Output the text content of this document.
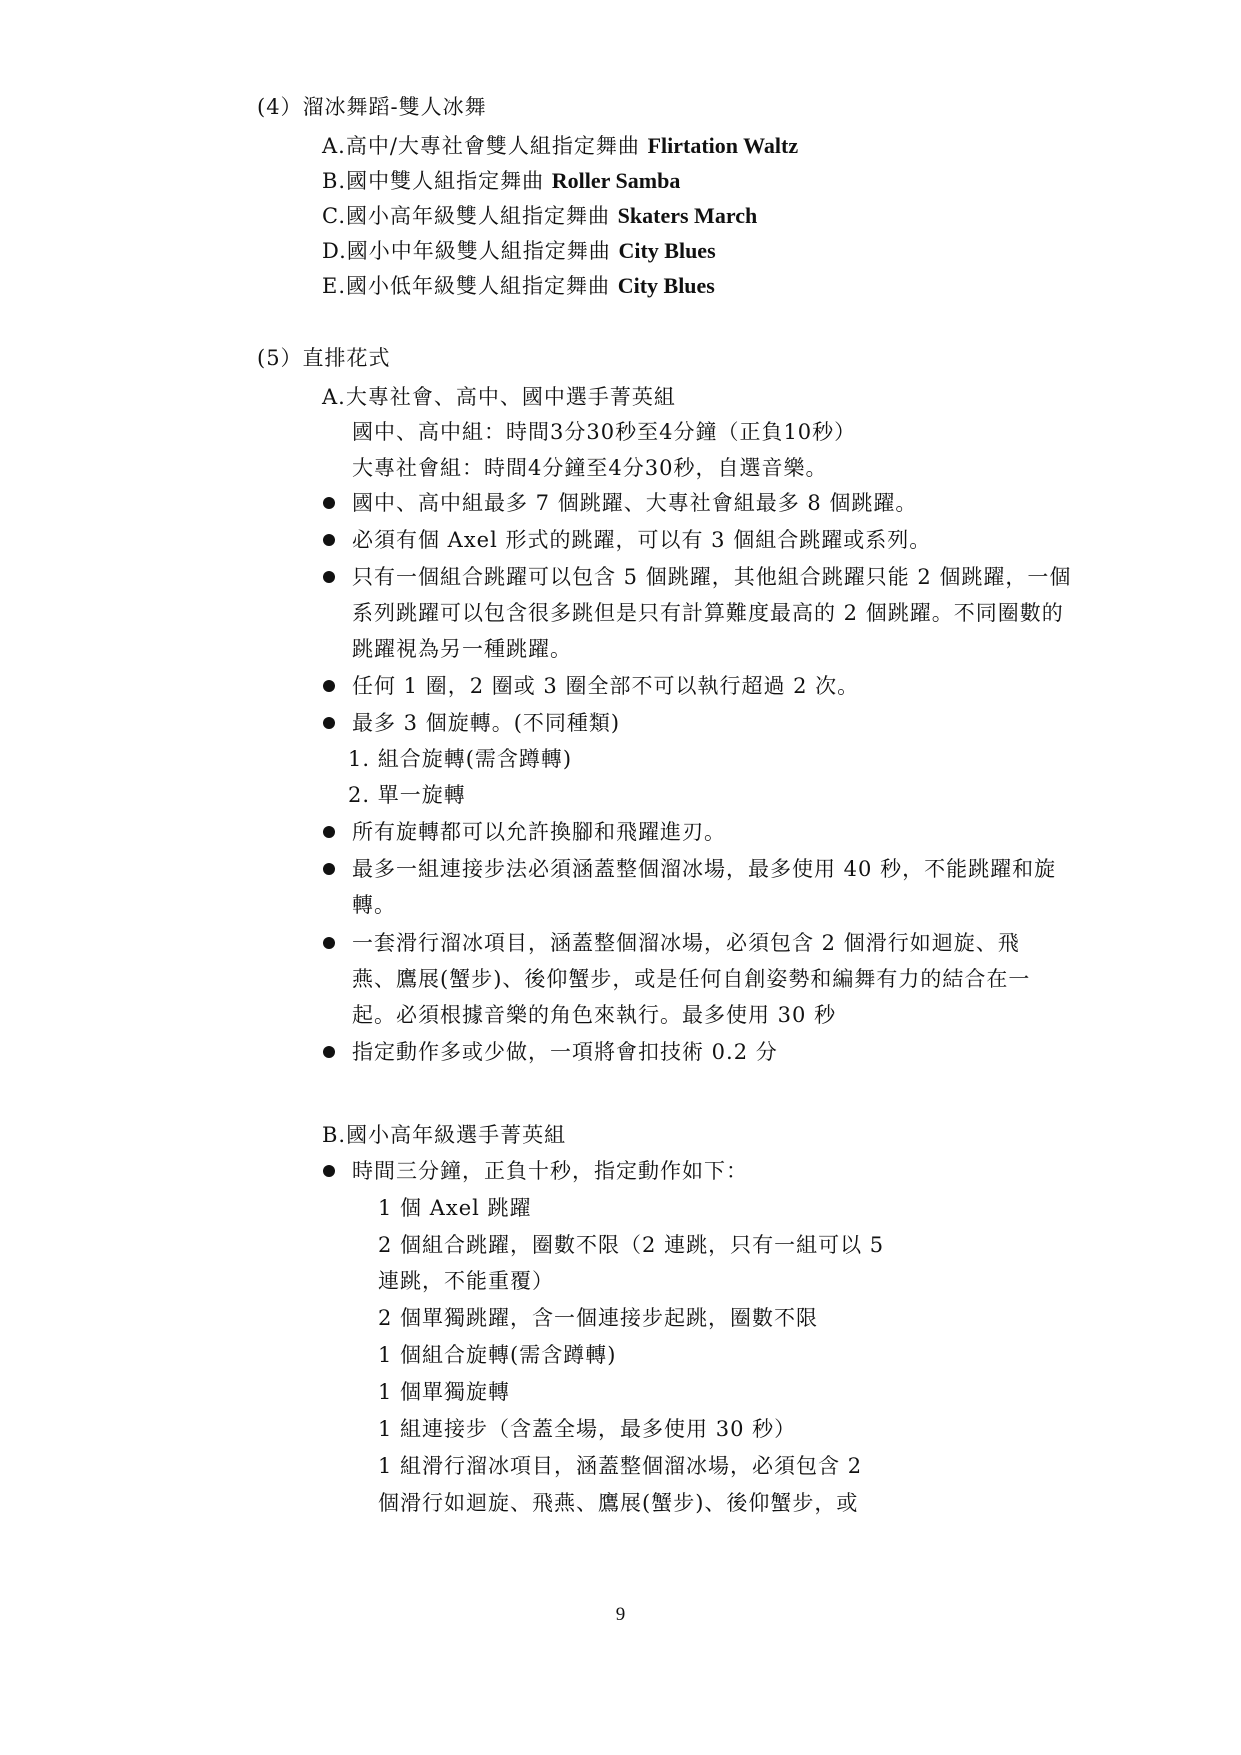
(4）溜冰舞蹈-雙人冰舞
A.高中/大專社會雙人組指定舞曲 Flirtation Waltz
B.國中雙人組指定舞曲 Roller Samba
C.國小高年級雙人組指定舞曲 Skaters March
D.國小中年級雙人組指定舞曲 City Blues
E.國小低年級雙人組指定舞曲 City Blues
(5）直排花式
A.大專社會、高中、國中選手菁英組
國中、高中組：時間3分30秒至4分鐘（正負10秒）
大專社會組：時間4分鐘至4分30秒，自選音樂。
國中、高中組最多 7 個跳躍、大專社會組最多 8 個跳躍。
必須有個 Axel 形式的跳躍，可以有 3 個組合跳躍或系列。
只有一個組合跳躍可以包含 5 個跳躍，其他組合跳躍只能 2 個跳躍，一個
系列跳躍可以包含很多跳但是只有計算難度最高的 2 個跳躍。不同圈數的
跳躍視為另一種跳躍。
任何 1 圈，2 圈或 3 圈全部不可以執行超過 2 次。
最多 3 個旋轉。(不同種類)
1. 組合旋轉(需含蹲轉)
2. 單一旋轉
所有旋轉都可以允許換腳和飛躍進刃。
最多一組連接步法必須涵蓋整個溜冰場，最多使用 40 秒，不能跳躍和旋
轉。
一套滑行溜冰項目，涵蓋整個溜冰場，必須包含 2 個滑行如迴旋、飛
燕、鷹展(蟹步)、後仰蟹步，或是任何自創姿勢和編舞有力的結合在一
起。必須根據音樂的角色來執行。最多使用 30 秒
指定動作多或少做，一項將會扣技術 0.2 分
B.國小高年級選手菁英組
時間三分鐘，正負十秒，指定動作如下：
1 個 Axel 跳躍
2 個組合跳躍，圈數不限（2 連跳，只有一組可以 5
連跳，不能重覆）
2 個單獨跳躍，含一個連接步起跳，圈數不限
1 個組合旋轉(需含蹲轉)
1 個單獨旋轉
1 組連接步（含蓋全場，最多使用 30 秒）
1 組滑行溜冰項目，涵蓋整個溜冰場，必須包含 2
個滑行如迴旋、飛燕、鷹展(蟹步)、後仰蟹步，或
9
